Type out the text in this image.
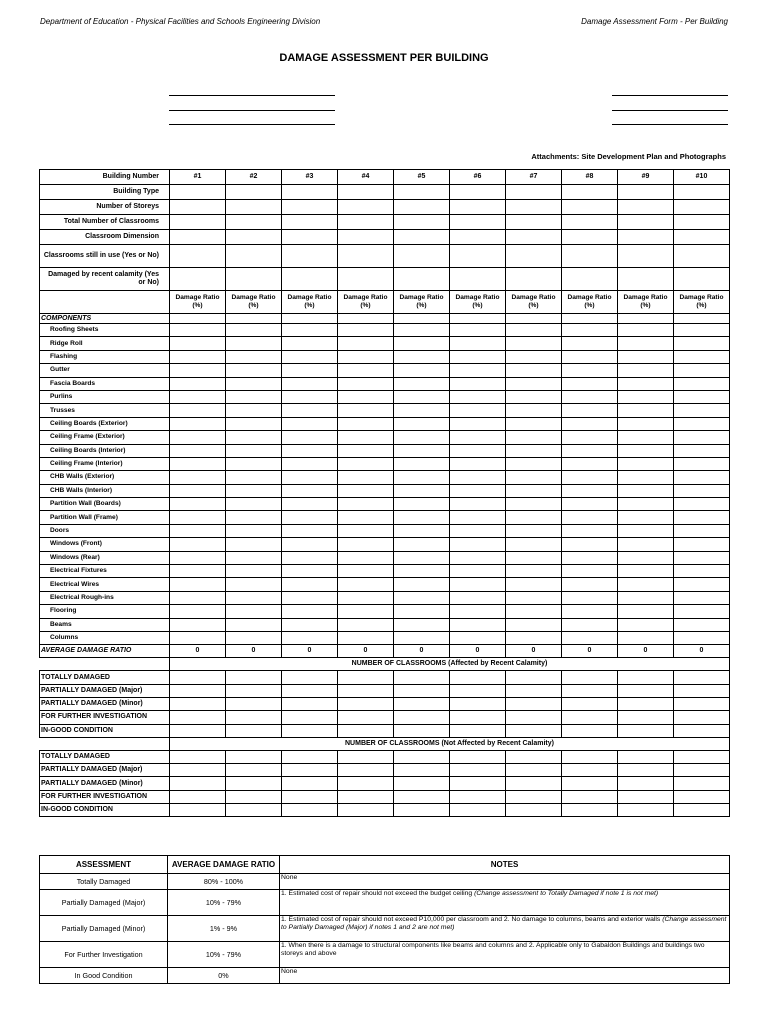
Department of Education - Physical Facilities and Schools Engineering Division	Damage Assessment Form - Per Building
DAMAGE ASSESSMENT PER BUILDING
Attachments: Site Development Plan and Photographs
Building Number	#1	#2	#3	#4	#5	#6	#7	#8	#9	#10
Building Type										
Number of Storeys										
Total Number of Classrooms										
Classroom Dimension										
Classrooms still in use (Yes or No)										
Damaged by recent calamity (Yes or No)										
	Damage Ratio (%)	Damage Ratio (%)	Damage Ratio (%)	Damage Ratio (%)	Damage Ratio (%)	Damage Ratio (%)	Damage Ratio (%)	Damage Ratio (%)	Damage Ratio (%)	Damage Ratio (%)
COMPONENTS										
Roofing Sheets										
Ridge Roll										
Flashing										
Gutter										
Fascia Boards										
Purlins										
Trusses										
Ceiling Boards (Exterior)										
Ceiling Frame (Exterior)										
Ceiling Boards (Interior)										
Ceiling Frame (Interior)										
CHB Walls (Exterior)										
CHB Walls (Interior)										
Partition Wall (Boards)										
Partition Wall (Frame)										
Doors										
Windows (Front)										
Windows (Rear)										
Electrical Fixtures										
Electrical Wires										
Electrical Rough-ins										
Flooring										
Beams										
Columns										
AVERAGE DAMAGE RATIO	0	0	0	0	0	0	0	0	0	0
	NUMBER OF CLASSROOMS (Affected by Recent Calamity)									
TOTALLY DAMAGED										
PARTIALLY DAMAGED (Major)										
PARTIALLY DAMAGED (Minor)										
FOR FURTHER INVESTIGATION										
IN-GOOD CONDITION										
	NUMBER OF CLASSROOMS (Not Affected by Recent Calamity)									
TOTALLY DAMAGED										
PARTIALLY DAMAGED (Major)										
PARTIALLY DAMAGED (Minor)										
FOR FURTHER INVESTIGATION										
IN-GOOD CONDITION										
ASSESSMENT	AVERAGE DAMAGE RATIO	NOTES
Totally Damaged	80% - 100%	None
Partially Damaged (Major)	10% - 79%	1. Estimated cost of repair should not exceed the budget ceiling (Change assessment to Totally Damaged if note 1 is not met)
Partially Damaged (Minor)	1% - 9%	1. Estimated cost of repair should not exceed P10,000 per classroom and 2. No damage to columns, beams and exterior walls (Change assessment to Partially Damaged (Major) if notes 1 and 2 are not met)
For Further Investigation	10% - 79%	1. When there is a damage to structural components like beams and columns and 2. Applicable only to Gabaldon Buildings and buildings two storeys and above
In Good Condition	0%	None
